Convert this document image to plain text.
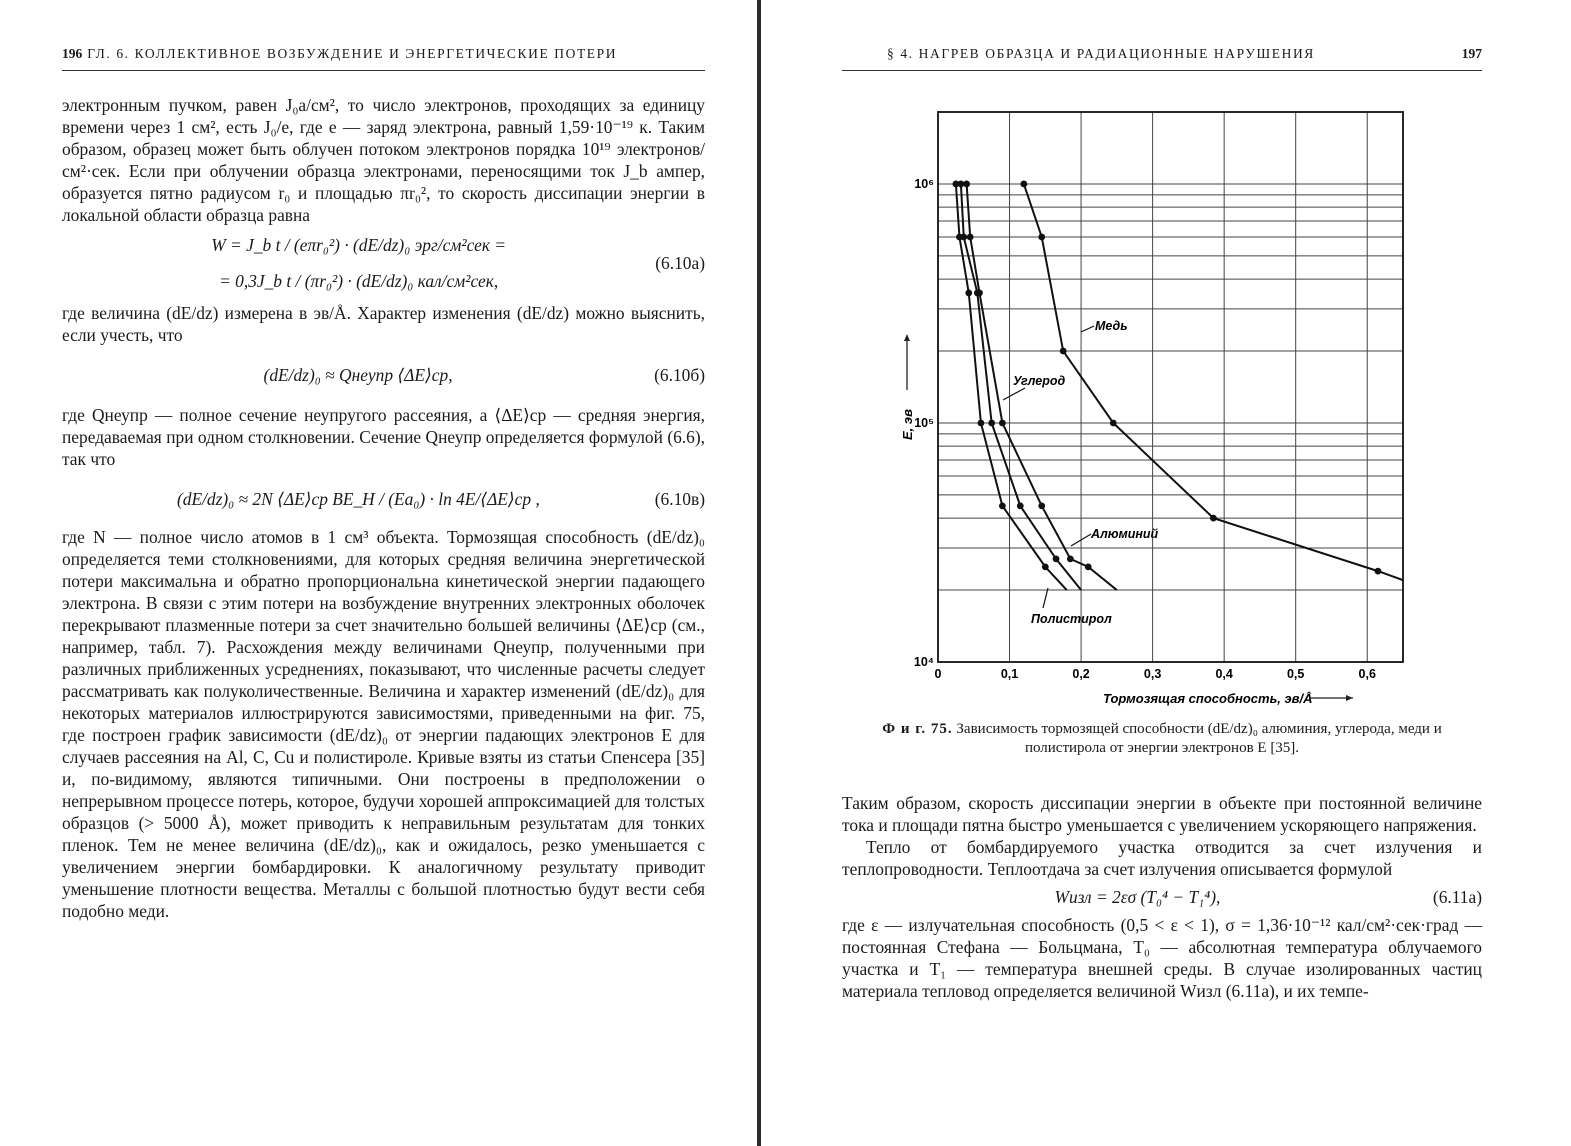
196 ГЛ. 6. КОЛЛЕКТИВНОЕ ВОЗБУЖДЕНИЕ И ЭНЕРГЕТИЧЕСКИЕ ПОТЕРИ

электронным пучком, равен J₀a/см², то число электронов, проходящих за единицу времени через 1 см², есть J₀/e, где e — заряд электрона, равный 1,59·10⁻¹⁹ к. Таким образом, образец может быть облучен потоком электронов порядка 10¹⁹ электронов/см²·сек. Если при облучении образца электронами, переносящими ток J_b ампер, образуется пятно радиусом r₀ и площадью πr₀², то скорость диссипации энергии в локальной области образца равна

W = J_b t / (eπr₀²) · (dE/dz)₀ эрг/см²сек =
= 0,3J_b t / (πr₀²) · (dE/dz)₀ кал/см²сек,
(6.10а)

где величина (dE/dz) измерена в эв/Å. Характер изменения (dE/dz) можно выяснить, если учесть, что

(dE/dz)₀ ≈ Qнеупр ⟨ΔE⟩ср,	(6.10б)

где Qнеупр — полное сечение неупругого рассеяния, а ⟨ΔE⟩ср — средняя энергия, передаваемая при одном столкновении. Сечение Qнеупр определяется формулой (6.6), так что

(dE/dz)₀ ≈ 2N ⟨ΔE⟩ср BE_H / (Ea₀) · ln 4E/⟨ΔE⟩ср ,	(6.10в)

где N — полное число атомов в 1 см³ объекта. Тормозящая способность (dE/dz)₀ определяется теми столкновениями, для которых средняя величина энергетической потери максимальна и обратно пропорциональна кинетической энергии падающего электрона. В связи с этим потери на возбуждение внутренних электронных оболочек перекрывают плазменные потери за счет значительно большей величины ⟨ΔE⟩ср (см., например, табл. 7). Расхождения между величинами Qнеупр, полученными при различных приближенных усреднениях, показывают, что численные расчеты следует рассматривать как полуколичественные. Величина и характер изменений (dE/dz)₀ для некоторых материалов иллюстрируются зависимостями, приведенными на фиг. 75, где построен график зависимости (dE/dz)₀ от энергии падающих электронов E для случаев рассеяния на Al, C, Cu и полистироле. Кривые взяты из статьи Спенсера [35] и, по-видимому, являются типичными. Они построены в предположении о непрерывном процессе потерь, которое, будучи хорошей аппроксимацией для толстых образцов (> 5000 Å), может приводить к неправильным результатам для тонких пленок. Тем не менее величина (dE/dz)₀, как и ожидалось, резко уменьшается с увеличением энергии бомбардировки. К аналогичному результату приводит уменьшение плотности вещества. Металлы с большой плотностью будут вести себя подобно меди.

§ 4. НАГРЕВ ОБРАЗЦА И РАДИАЦИОННЫЕ НАРУШЕНИЯ	197
0	0,1	0,2	0,3	0,4	0,5	0,6
10⁴
10⁵
10⁶
Тормозящая способность, эв/Å
E, эв
Медь
Углерод
Алюминий
Полистирол
Ф и г. 75. Зависимость тормозящей способности (dE/dz)₀ алюминия, углерода, меди и полистирола от энергии электронов E [35].

Таким образом, скорость диссипации энергии в объекте при постоянной величине тока и площади пятна быстро уменьшается с увеличением ускоряющего напряжения.

Тепло от бомбардируемого участка отводится за счет излучения и теплопроводности. Теплоотдача за счет излучения описывается формулой

Wизл = 2εσ (T₀⁴ − T₁⁴),	(6.11а)

где ε — излучательная способность (0,5 < ε < 1), σ = 1,36·10⁻¹² кал/см²·сек·град — постоянная Стефана — Больцмана, T₀ — абсолютная температура облучаемого участка и T₁ — температура внешней среды. В случае изолированных частиц материала тепловод определяется величиной Wизл (6.11а), и их темпе-
